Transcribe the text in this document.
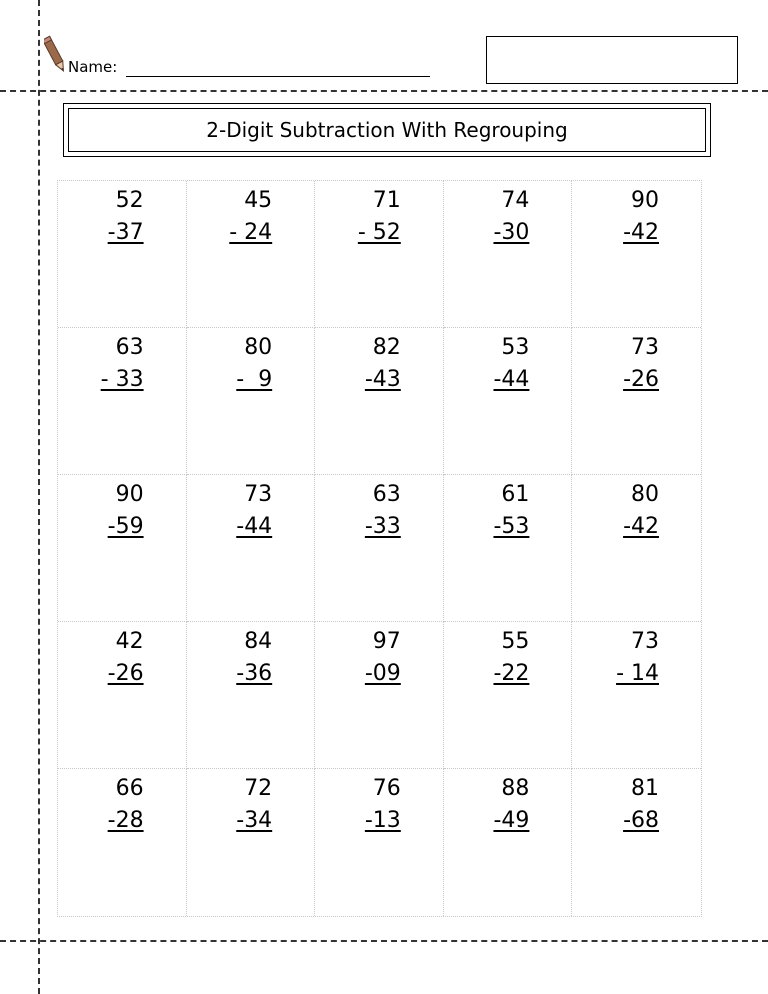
Name:
2-Digit Subtraction With Regrouping
52
-37
45
- 24
71
- 52
74
-30
90
-42
63
- 33
80
-  9
82
-43
53
-44
73
-26
90
-59
73
-44
63
-33
61
-53
80
-42
42
-26
84
-36
97
-09
55
-22
73
- 14
66
-28
72
-34
76
-13
88
-49
81
-68
